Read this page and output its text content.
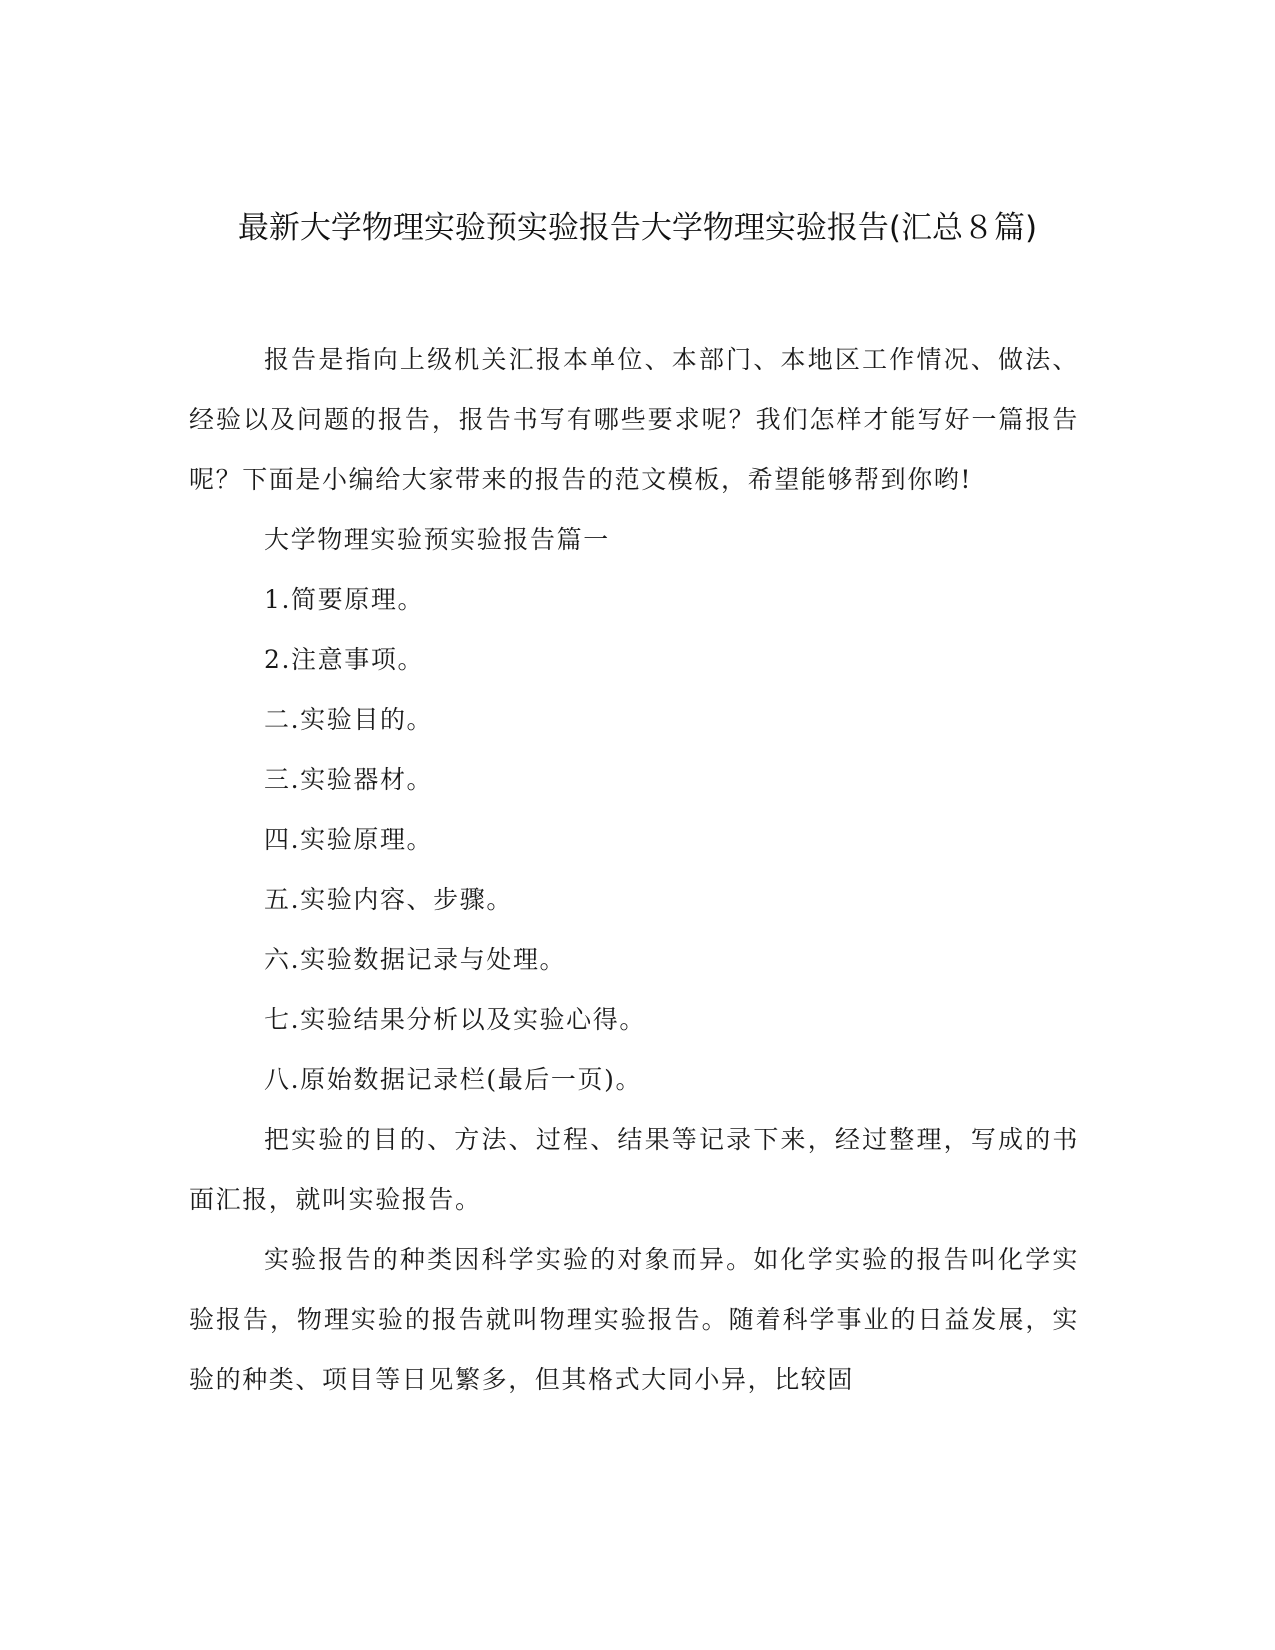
最新大学物理实验预实验报告大学物理实验报告(汇总８篇)

报告是指向上级机关汇报本单位、本部门、本地区工作情况、做法、经验以及问题的报告，报告书写有哪些要求呢？我们怎样才能写好一篇报告呢？下面是小编给大家带来的报告的范文模板，希望能够帮到你哟!

大学物理实验预实验报告篇一

1.简要原理。

2.注意事项。

二.实验目的。

三.实验器材。

四.实验原理。

五.实验内容、步骤。

六.实验数据记录与处理。

七.实验结果分析以及实验心得。

八.原始数据记录栏(最后一页)。

把实验的目的、方法、过程、结果等记录下来，经过整理，写成的书面汇报，就叫实验报告。

实验报告的种类因科学实验的对象而异。如化学实验的报告叫化学实验报告，物理实验的报告就叫物理实验报告。随着科学事业的日益发展，实验的种类、项目等日见繁多，但其格式大同小异，比较固
